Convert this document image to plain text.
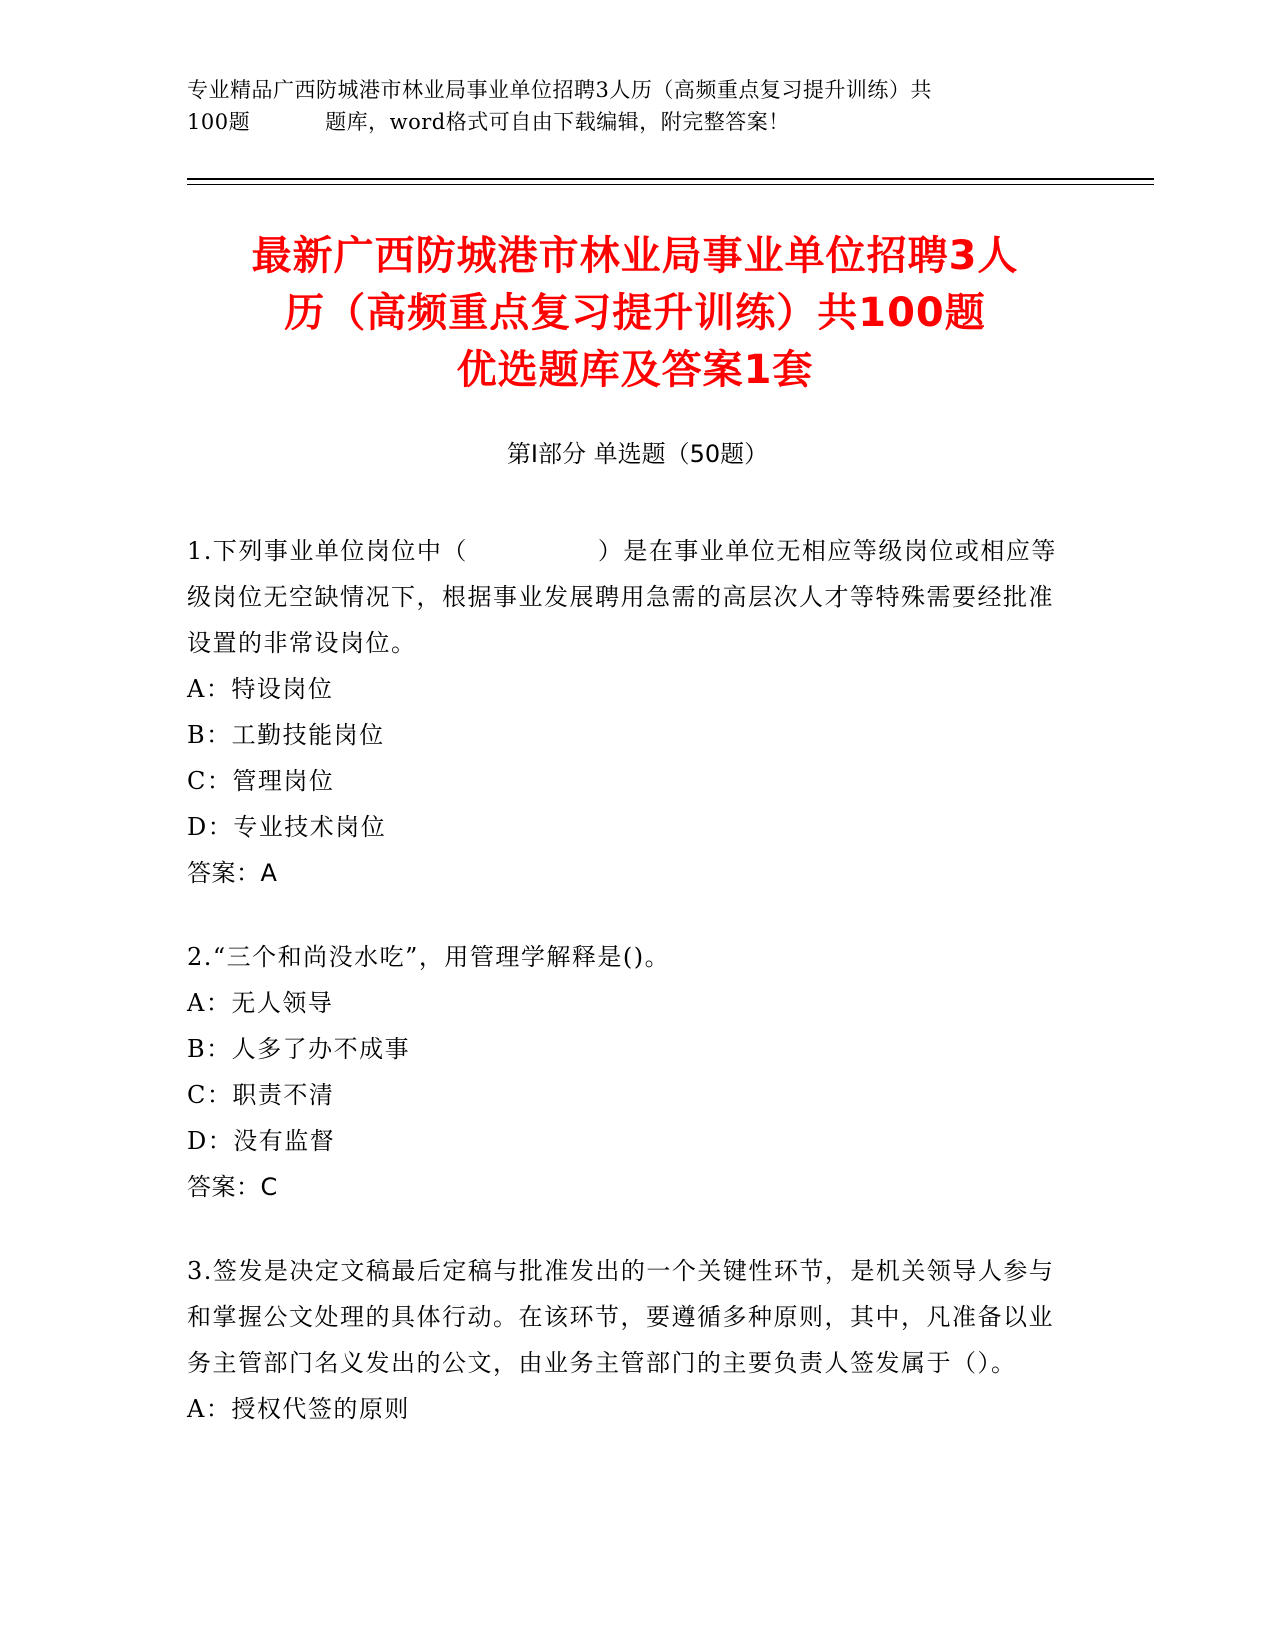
专业精品广西防城港市林业局事业单位招聘3人历（高频重点复习提升训练）共
100题	题库，word格式可自由下载编辑，附完整答案！
最新广西防城港市林业局事业单位招聘3人
历（高频重点复习提升训练）共100题
优选题库及答案1套
第Ⅰ部分 单选题（50题）

1.下列事业单位岗位中（	）是在事业单位无相应等级岗位或相应等级岗位无空缺情况下，根据事业发展聘用急需的高层次人才等特殊需要经批准设置的非常设岗位。

A：特设岗位

B：工勤技能岗位

C：管理岗位

D：专业技术岗位

答案：A

2.“三个和尚没水吃”，用管理学解释是()。

A：无人领导

B：人多了办不成事

C：职责不清

D：没有监督

答案：C

3.签发是决定文稿最后定稿与批准发出的一个关键性环节，是机关领导人参与和掌握公文处理的具体行动。在该环节，要遵循多种原则，其中，凡准备以业务主管部门名义发出的公文，由业务主管部门的主要负责人签发属于（）。

A：授权代签的原则
